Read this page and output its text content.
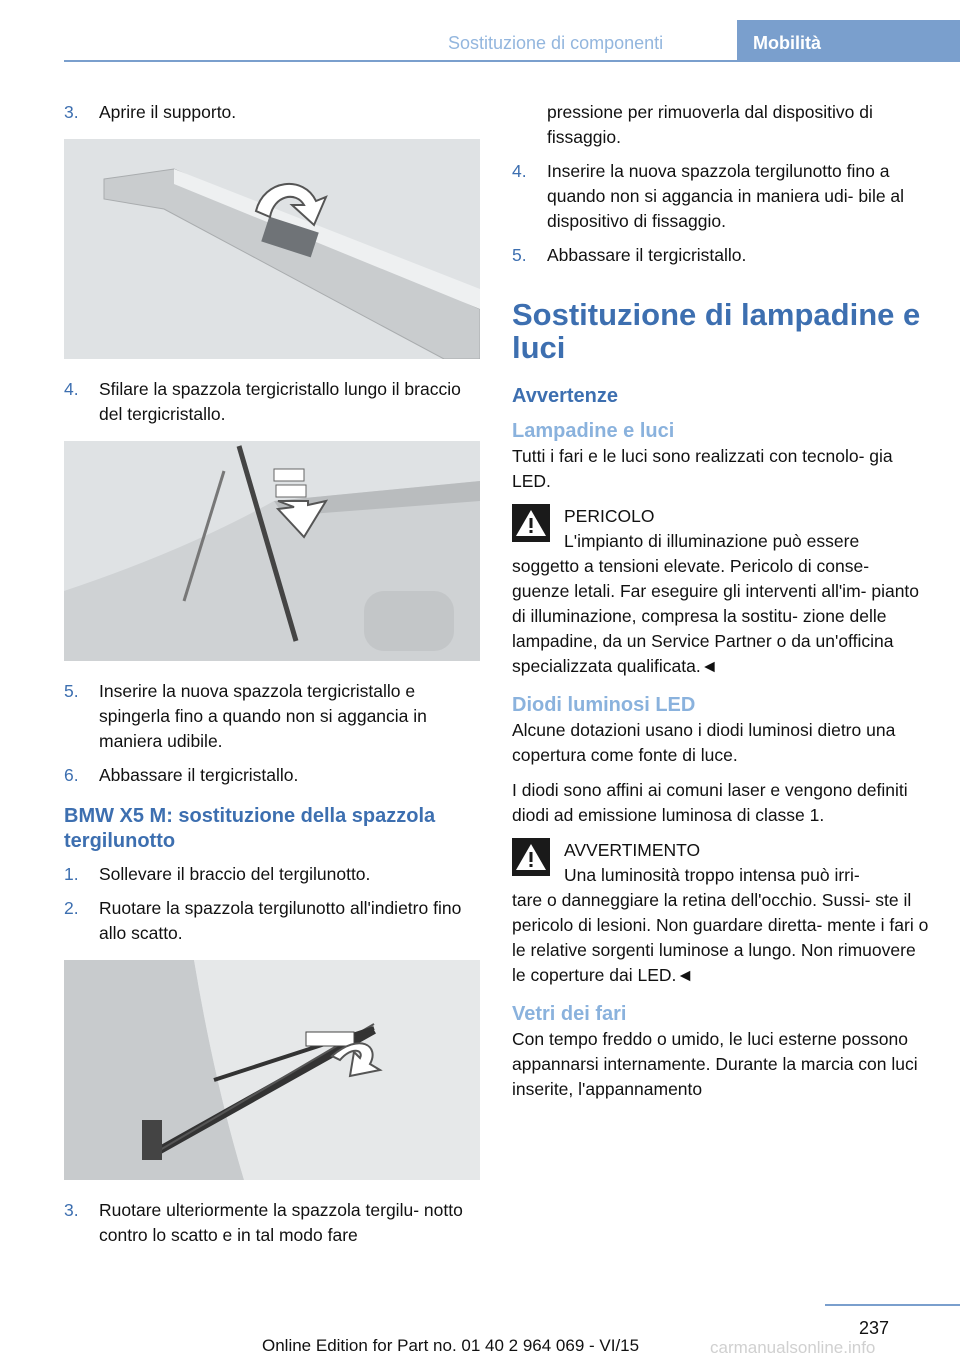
Sostituzione di componenti	Mobilità
3. Aprire il supporto.
4. Sfilare la spazzola tergicristallo lungo il braccio del tergicristallo.
5. Inserire la nuova spazzola tergicristallo e spingerla fino a quando non si aggancia in maniera udibile.
6. Abbassare il tergicristallo.
BMW X5 M: sostituzione della spazzola tergilunotto
1. Sollevare il braccio del tergilunotto.
2. Ruotare la spazzola tergilunotto all'indietro fino allo scatto.
3. Ruotare ulteriormente la spazzola tergilu- notto contro lo scatto e in tal modo fare
pressione per rimuoverla dal dispositivo di fissaggio.
4. Inserire la nuova spazzola tergilunotto fino a quando non si aggancia in maniera udi- bile al dispositivo di fissaggio.
5. Abbassare il tergicristallo.
Sostituzione di lampadine e luci
Avvertenze
Lampadine e luci
Tutti i fari e le luci sono realizzati con tecnolo- gia LED.
PERICOLO
L'impianto di illuminazione può essere
soggetto a tensioni elevate. Pericolo di conse- guenze letali. Far eseguire gli interventi all'im- pianto di illuminazione, compresa la sostitu- zione delle lampadine, da un Service Partner o da un'officina specializzata qualificata.◄
Diodi luminosi LED
Alcune dotazioni usano i diodi luminosi dietro una copertura come fonte di luce.
I diodi sono affini ai comuni laser e vengono definiti diodi ad emissione luminosa di classe 1.
AVVERTIMENTO
Una luminosità troppo intensa può irri-
tare o danneggiare la retina dell'occhio. Sussi- ste il pericolo di lesioni. Non guardare diretta- mente i fari o le relative sorgenti luminose a lungo. Non rimuovere le coperture dai LED.◄
Vetri dei fari
Con tempo freddo o umido, le luci esterne possono appannarsi internamente. Durante la marcia con luci inserite, l'appannamento
237
Online Edition for Part no. 01 40 2 964 069 - VI/15	carmanualsonline.info
